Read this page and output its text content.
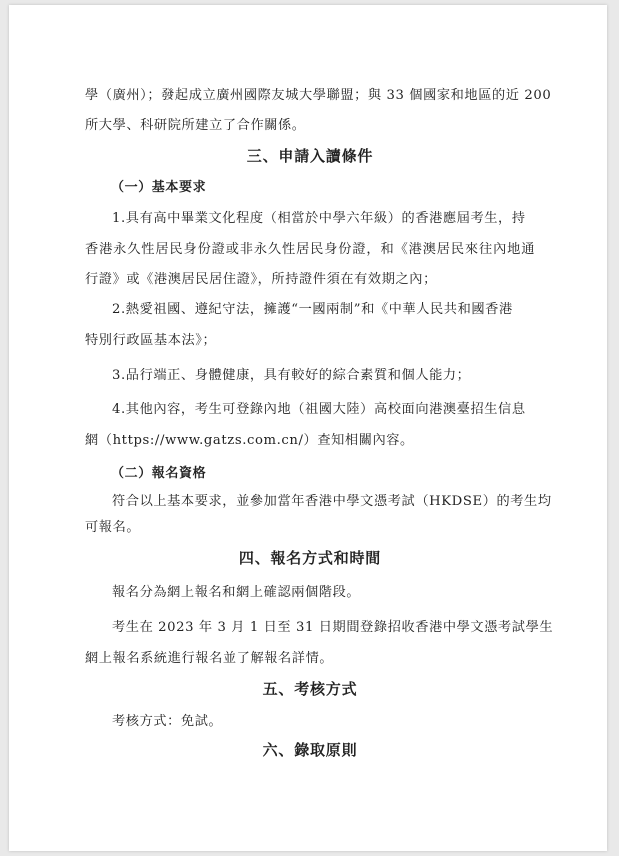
學（廣州）；發起成立廣州國際友城大學聯盟；與 33 個國家和地區的近 200
所大學、科研院所建立了合作關係。
三、申請入讀條件
（一）基本要求
1.具有高中畢業文化程度（相當於中學六年級）的香港應屆考生，持
香港永久性居民身份證或非永久性居民身份證，和《港澳居民來往內地通
行證》或《港澳居民居住證》，所持證件須在有效期之內；
2.熱愛祖國、遵紀守法，擁護“一國兩制”和《中華人民共和國香港
特別行政區基本法》；
3.品行端正、身體健康，具有較好的綜合素質和個人能力；
4.其他內容，考生可登錄內地（祖國大陸）高校面向港澳臺招生信息
網（https://www.gatzs.com.cn/）查知相關內容。
（二）報名資格
符合以上基本要求，並參加當年香港中學文憑考試（HKDSE）的考生均
可報名。
四、報名方式和時間
報名分為網上報名和網上確認兩個階段。
考生在 2023 年 3 月 1 日至 31 日期間登錄招收香港中學文憑考試學生
網上報名系統進行報名並了解報名詳情。
五、考核方式
考核方式：免試。
六、錄取原則
